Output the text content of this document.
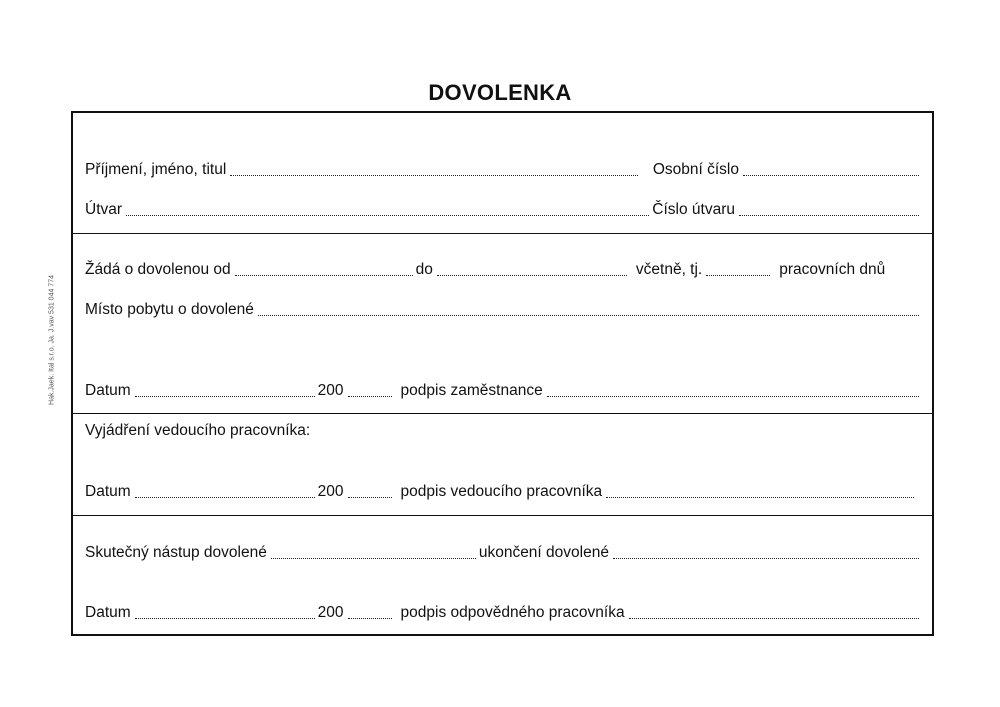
DOVOLENKA
Hak.Jaek. Ital s.r.o. Ja. J.vav 531 044 774
Příjmení, jméno, titul	Osobní číslo
Útvar	Číslo útvaru
Žádá o dovolenou od	do	včetně, tj.	pracovních dnů
Místo pobytu o dovolené
Datum	200	podpis zaměstnance
Vyjádření vedoucího pracovníka:
Datum	200	podpis vedoucího pracovníka
Skutečný nástup dovolené	ukončení dovolené
Datum	200	podpis odpovědného pracovníka
